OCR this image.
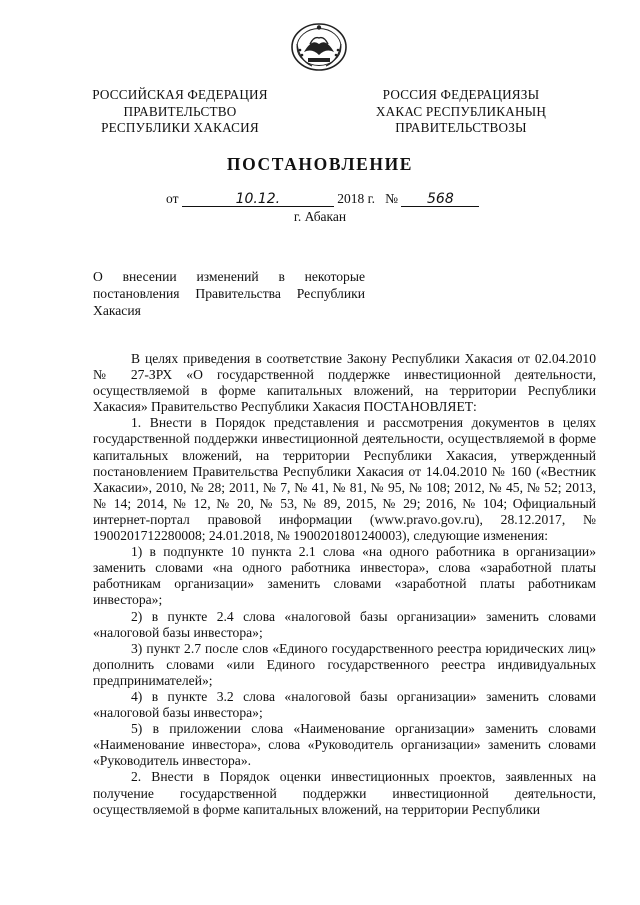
РОССИЙСКАЯ ФЕДЕРАЦИЯ
ПРАВИТЕЛЬСТВО
РЕСПУБЛИКИ ХАКАСИЯ
РОССИЯ ФЕДЕРАЦИЯЗЫ
ХАКАС РЕСПУБЛИКАНЫҢ
ПРАВИТЕЛЬСТВОЗЫ
ПОСТАНОВЛЕНИЕ
от	10.12.	2018 г. № 568
г. Абакан
О внесении изменений в некоторые
постановления Правительства Республики
Хакасия

В целях приведения в соответствие Закону Республики Хакасия от 02.04.2010 № 27-ЗРХ «О государственной поддержке инвестиционной деятельности, осуществляемой в форме капитальных вложений, на территории Республики Хакасия» Правительство Республики Хакасия ПОСТАНОВЛЯЕТ:

1. Внести в Порядок представления и рассмотрения документов в целях государственной поддержки инвестиционной деятельности, осуществляемой в форме капитальных вложений, на территории Республики Хакасия, утвержденный постановлением Правительства Республики Хакасия от 14.04.2010 № 160 («Вестник Хакасии», 2010, № 28; 2011, № 7, № 41, № 81, № 95, № 108; 2012, № 45, № 52; 2013, № 14; 2014, № 12, № 20, № 53, № 89, 2015, № 29; 2016, № 104; Официальный интернет-портал правовой информации (www.pravo.gov.ru), 28.12.2017, № 1900201712280008; 24.01.2018, № 1900201801240003), следующие изменения:

1) в подпункте 10 пункта 2.1 слова «на одного работника в организации» заменить словами «на одного работника инвестора», слова «заработной платы работникам организации» заменить словами «заработной платы работникам инвестора»;

2) в пункте 2.4 слова «налоговой базы организации» заменить словами «налоговой базы инвестора»;

3) пункт 2.7 после слов «Единого государственного реестра юридических лиц» дополнить словами «или Единого государственного реестра индивидуальных предпринимателей»;

4) в пункте 3.2 слова «налоговой базы организации» заменить словами «налоговой базы инвестора»;

5) в приложении слова «Наименование организации» заменить словами «Наименование инвестора», слова «Руководитель организации» заменить словами «Руководитель инвестора».

2. Внести в Порядок оценки инвестиционных проектов, заявленных на получение государственной поддержки инвестиционной деятельности, осуществляемой в форме капитальных вложений, на территории Республики
